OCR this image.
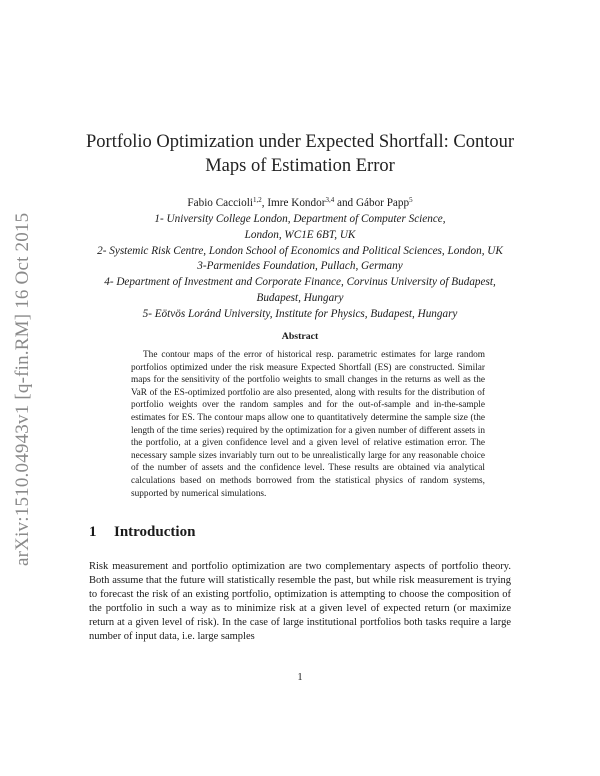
arXiv:1510.04943v1 [q-fin.RM] 16 Oct 2015
Portfolio Optimization under Expected Shortfall: Contour
Maps of Estimation Error
Fabio Caccioli$^{1,2}$, Imre Kondor$^{3,4}$ and Gábor Papp$^5$
1- University College London, Department of Computer Science,
London, WC1E 6BT, UK
2- Systemic Risk Centre, London School of Economics and Political Sciences, London, UK
3-Parmenides Foundation, Pullach, Germany
4- Department of Investment and Corporate Finance, Corvinus University of Budapest,
Budapest, Hungary
5- Eötvös Loránd University, Institute for Physics, Budapest, Hungary
Abstract
The contour maps of the error of historical resp. parametric estimates for large random portfolios optimized under the risk measure Expected Shortfall (ES) are constructed. Similar maps for the sensitivity of the portfolio weights to small changes in the returns as well as the VaR of the ES-optimized portfolio are also presented, along with results for the distribution of portfolio weights over the random samples and for the out-of-sample and in-the-sample estimates for ES. The contour maps allow one to quantitatively determine the sample size (the length of the time series) required by the optimization for a given number of different assets in the portfolio, at a given confidence level and a given level of relative estimation error. The necessary sample sizes invariably turn out to be unrealistically large for any reasonable choice of the number of assets and the confidence level. These results are obtained via analytical calculations based on methods borrowed from the statistical physics of random systems, supported by numerical simulations.
1 Introduction
Risk measurement and portfolio optimization are two complementary aspects of portfolio theory. Both assume that the future will statistically resemble the past, but while risk measurement is trying to forecast the risk of an existing portfolio, optimization is attempting to choose the composition of the portfolio in such a way as to minimize risk at a given level of expected return (or maximize return at a given level of risk). In the case of large institutional portfolios both tasks require a large number of input data, i.e. large samples
1
